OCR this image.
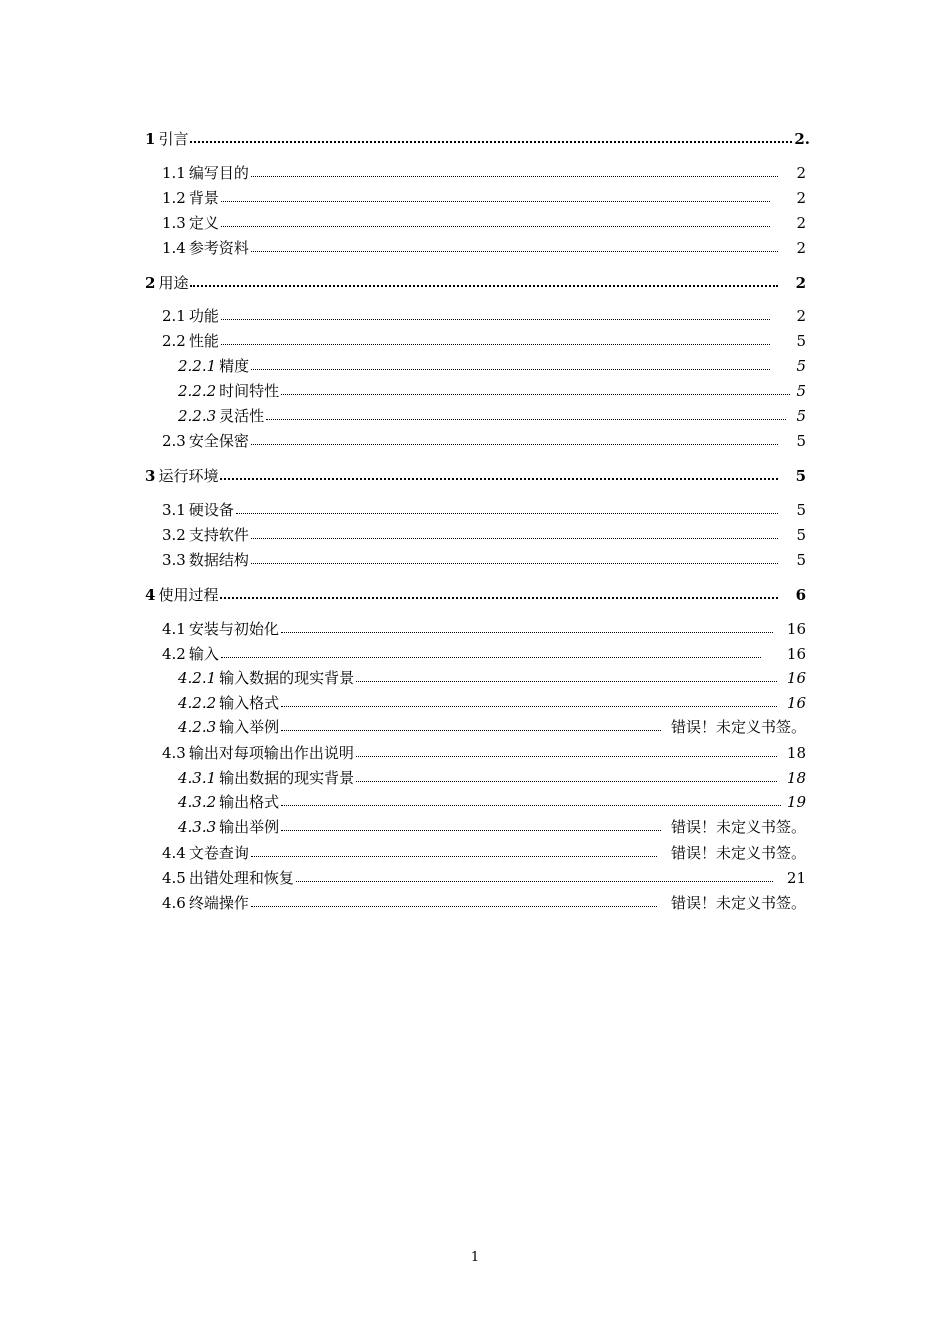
1 引言	2.
1.1 编写目的	2
1.2 背景	2
1.3 定义	2
1.4 参考资料	2
2 用途	2
2.1 功能	2
2.2 性能	5
2.2.1 精度	5
2.2.2 时间特性	5
2.2.3 灵活性	5
2.3 安全保密	5
3 运行环境	5
3.1 硬设备	5
3.2 支持软件	5
3.3 数据结构	5
4 使用过程	6
4.1 安装与初始化	16
4.2 输入	16
4.2.1 输入数据的现实背景	16
4.2.2 输入格式	16
4.2.3 输入举例	错误！未定义书签。
4.3 输出对每项输出作出说明	18
4.3.1 输出数据的现实背景	18
4.3.2 输出格式	19
4.3.3 输出举例	错误！未定义书签。
4.4 文卷查询	错误！未定义书签。
4.5 出错处理和恢复	21
4.6 终端操作	错误！未定义书签。
1
